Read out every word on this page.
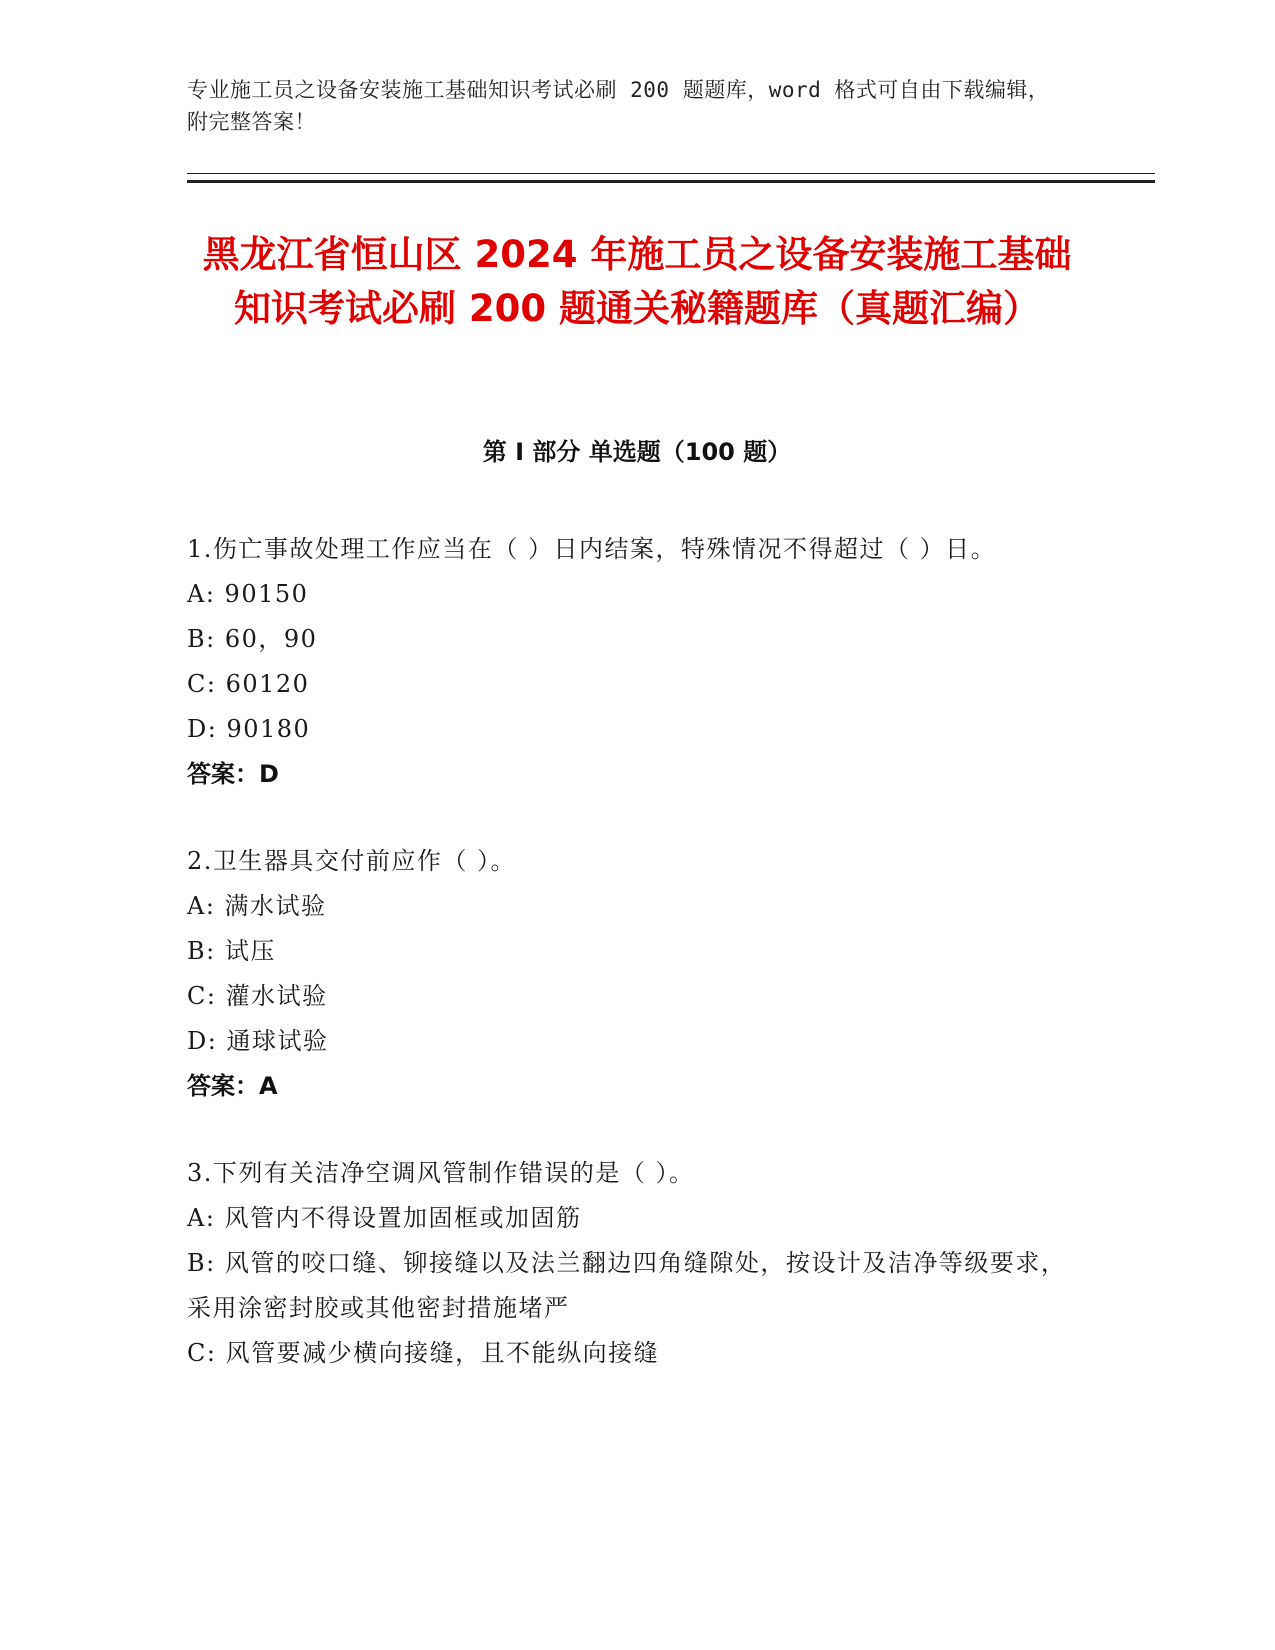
专业施工员之设备安装施工基础知识考试必刷 200 题题库，word 格式可自由下载编辑，附完整答案！
黑龙江省恒山区 2024 年施工员之设备安装施工基础知识考试必刷 200 题通关秘籍题库（真题汇编）
第 I 部分 单选题（100 题）
1.伤亡事故处理工作应当在（ ）日内结案，特殊情况不得超过（ ）日。
A: 90150
B: 60，90
C: 60120
D: 90180
答案：D
2.卫生器具交付前应作（ ）。
A: 满水试验
B: 试压
C: 灌水试验
D: 通球试验
答案：A
3.下列有关洁净空调风管制作错误的是（ ）。
A: 风管内不得设置加固框或加固筋
B: 风管的咬口缝、铆接缝以及法兰翻边四角缝隙处，按设计及洁净等级要求，采用涂密封胶或其他密封措施堵严
C: 风管要减少横向接缝，且不能纵向接缝
